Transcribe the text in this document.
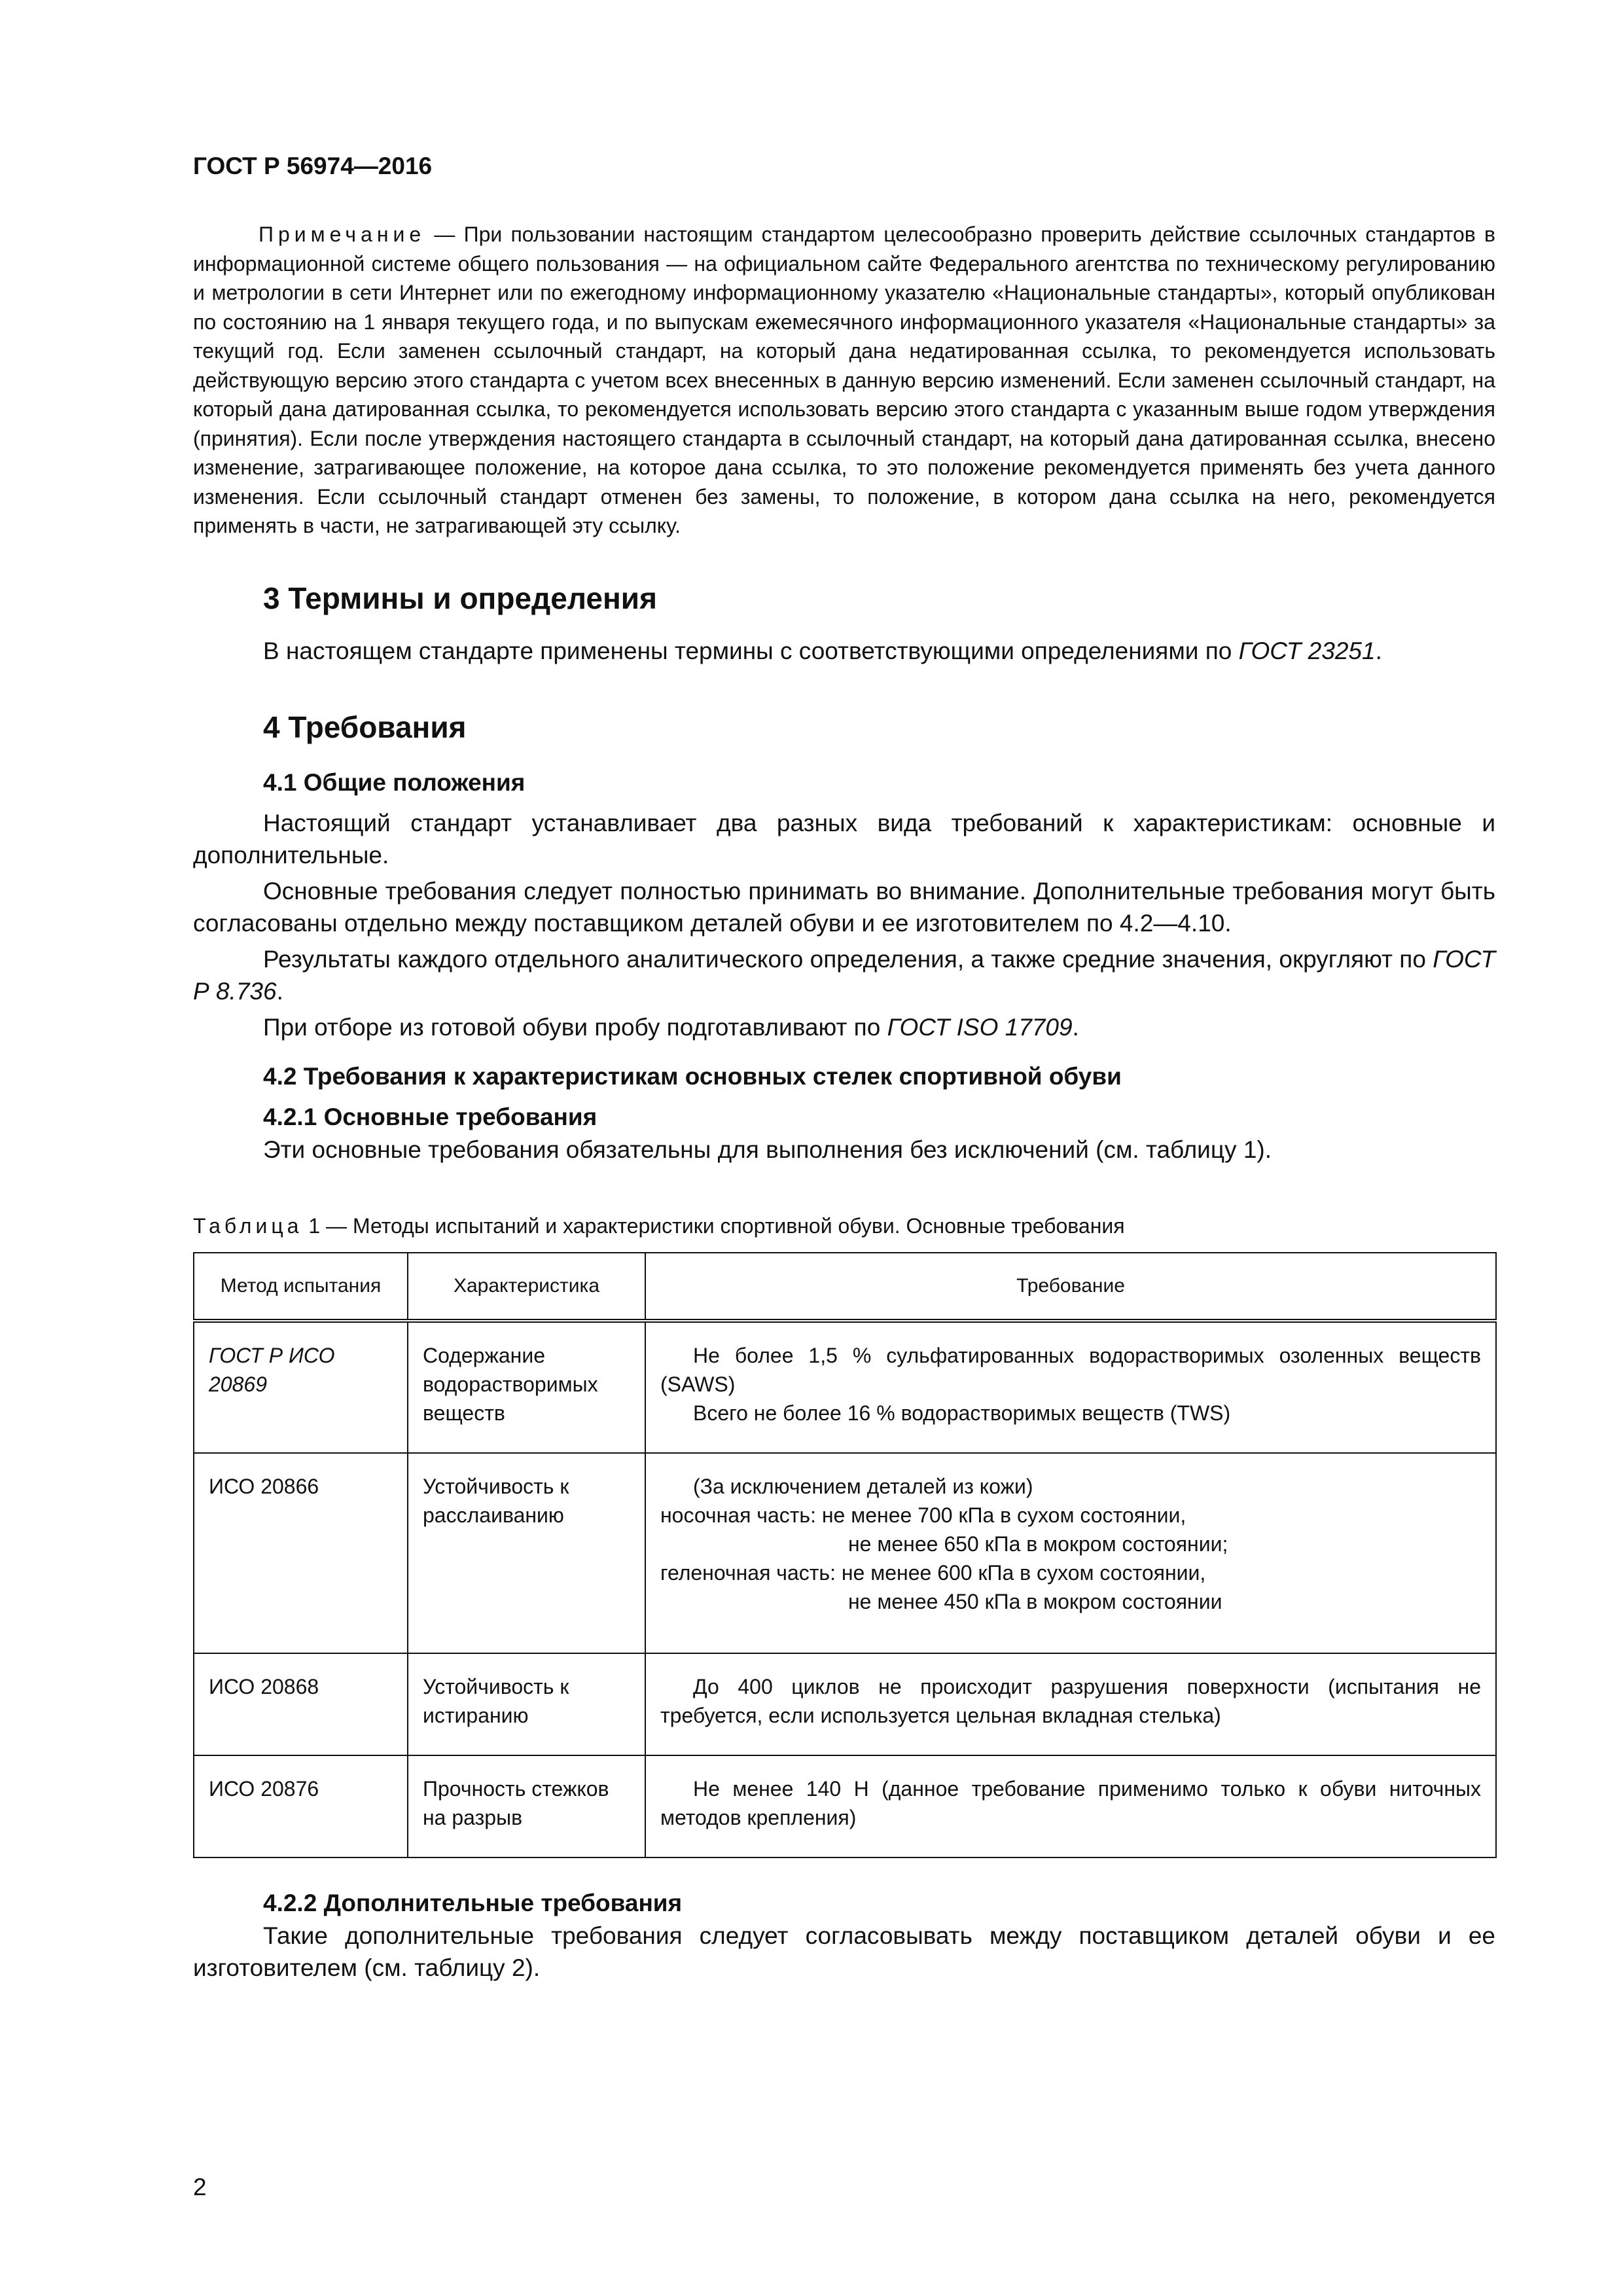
ГОСТ Р 56974—2016

Примечание — При пользовании настоящим стандартом целесообразно проверить действие ссылочных стандартов в информационной системе общего пользования — на официальном сайте Федерального агентства по техническому регулированию и метрологии в сети Интернет или по ежегодному информационному указателю «Национальные стандарты», который опубликован по состоянию на 1 января текущего года, и по выпускам ежемесячного информационного указателя «Национальные стандарты» за текущий год. Если заменен ссылочный стандарт, на который дана недатированная ссылка, то рекомендуется использовать действующую версию этого стандарта с учетом всех внесенных в данную версию изменений. Если заменен ссылочный стандарт, на который дана датированная ссылка, то рекомендуется использовать версию этого стандарта с указанным выше годом утверждения (принятия). Если после утверждения настоящего стандарта в ссылочный стандарт, на который дана датированная ссылка, внесено изменение, затрагивающее положение, на которое дана ссылка, то это положение рекомендуется применять без учета данного изменения. Если ссылочный стандарт отменен без замены, то положение, в котором дана ссылка на него, рекомендуется применять в части, не затрагивающей эту ссылку.

3 Термины и определения

В настоящем стандарте применены термины с соответствующими определениями по ГОСТ 23251.

4 Требования
4.1 Общие положения

Настоящий стандарт устанавливает два разных вида требований к характеристикам: основные и дополнительные.

Основные требования следует полностью принимать во внимание. Дополнительные требования могут быть согласованы отдельно между поставщиком деталей обуви и ее изготовителем по 4.2—4.10.

Результаты каждого отдельного аналитического определения, а также средние значения, округляют по ГОСТ Р 8.736.

При отборе из готовой обуви пробу подготавливают по ГОСТ ISO 17709.

4.2 Требования к характеристикам основных стелек спортивной обуви
4.2.1 Основные требования

Эти основные требования обязательны для выполнения без исключений (см. таблицу 1).

Таблица 1 — Методы испытаний и характеристики спортивной обуви. Основные требования
Метод испытания	Характеристика	Требование
ГОСТ Р ИСО 20869	Содержание водорастворимых веществ	Не более 1,5 % сульфатированных водорастворимых озоленных веществ (SAWS)
Всего не более 16 % водорастворимых веществ (TWS)

ИСО 20866	Устойчивость к расслаиванию	(За исключением деталей из кожи)
носочная часть: не менее 700 кПа в сухом состоянии,
не менее 650 кПа в мокром состоянии;
геленочная часть: не менее 600 кПа в сухом состоянии,
не менее 450 кПа в мокром состоянии

ИСО 20868	Устойчивость к истиранию	До 400 циклов не происходит разрушения поверхности (испытания не требуется, если используется цельная вкладная стелька)

ИСО 20876	Прочность стежков на разрыв	Не менее 140 Н (данное требование применимо только к обуви ниточных методов крепления)
4.2.2 Дополнительные требования

Такие дополнительные требования следует согласовывать между поставщиком деталей обуви и ее изготовителем (см. таблицу 2).

2
